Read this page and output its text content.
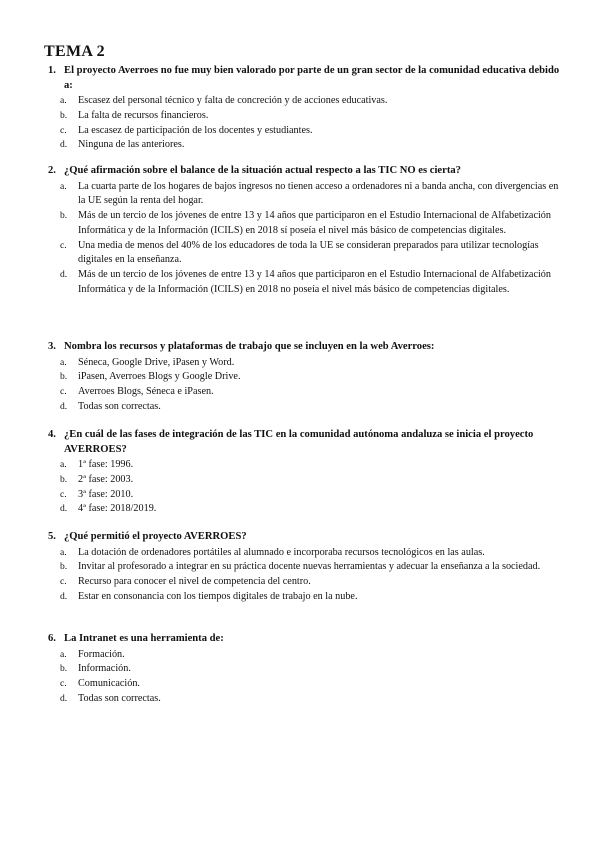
TEMA 2
1. El proyecto Averroes no fue muy bien valorado por parte de un gran sector de la comunidad educativa debido a:
a. Escasez del personal técnico y falta de concreción y de acciones educativas.
b. La falta de recursos financieros.
c. La escasez de participación de los docentes y estudiantes.
d. Ninguna de las anteriores.
2. ¿Qué afirmación sobre el balance de la situación actual respecto a las TIC NO es cierta?
a. La cuarta parte de los hogares de bajos ingresos no tienen acceso a ordenadores ni a banda ancha, con divergencias en la UE según la renta del hogar.
b. Más de un tercio de los jóvenes de entre 13 y 14 años que participaron en el Estudio Internacional de Alfabetización Informática y de la Información (ICILS) en 2018 sí poseía el nivel más básico de competencias digitales.
c. Una media de menos del 40% de los educadores de toda la UE se consideran preparados para utilizar tecnologías digitales en la enseñanza.
d. Más de un tercio de los jóvenes de entre 13 y 14 años que participaron en el Estudio Internacional de Alfabetización Informática y de la Información (ICILS) en 2018 no poseía el nivel más básico de competencias digitales.
3. Nombra los recursos y plataformas de trabajo que se incluyen en la web Averroes:
a. Séneca, Google Drive, iPasen y Word.
b. iPasen, Averroes Blogs y Google Drive.
c. Averroes Blogs, Séneca e iPasen.
d. Todas son correctas.
4. ¿En cuál de las fases de integración de las TIC en la comunidad autónoma andaluza se inicia el proyecto AVERROES?
a. 1ª fase: 1996.
b. 2ª fase: 2003.
c. 3ª fase: 2010.
d. 4ª fase: 2018/2019.
5. ¿Qué permitió el proyecto AVERROES?
a. La dotación de ordenadores portátiles al alumnado e incorporaba recursos tecnológicos en las aulas.
b. Invitar al profesorado a integrar en su práctica docente nuevas herramientas y adecuar la enseñanza a la sociedad.
c. Recurso para conocer el nivel de competencia del centro.
d. Estar en consonancia con los tiempos digitales de trabajo en la nube.
6. La Intranet es una herramienta de:
a. Formación.
b. Información.
c. Comunicación.
d. Todas son correctas.
